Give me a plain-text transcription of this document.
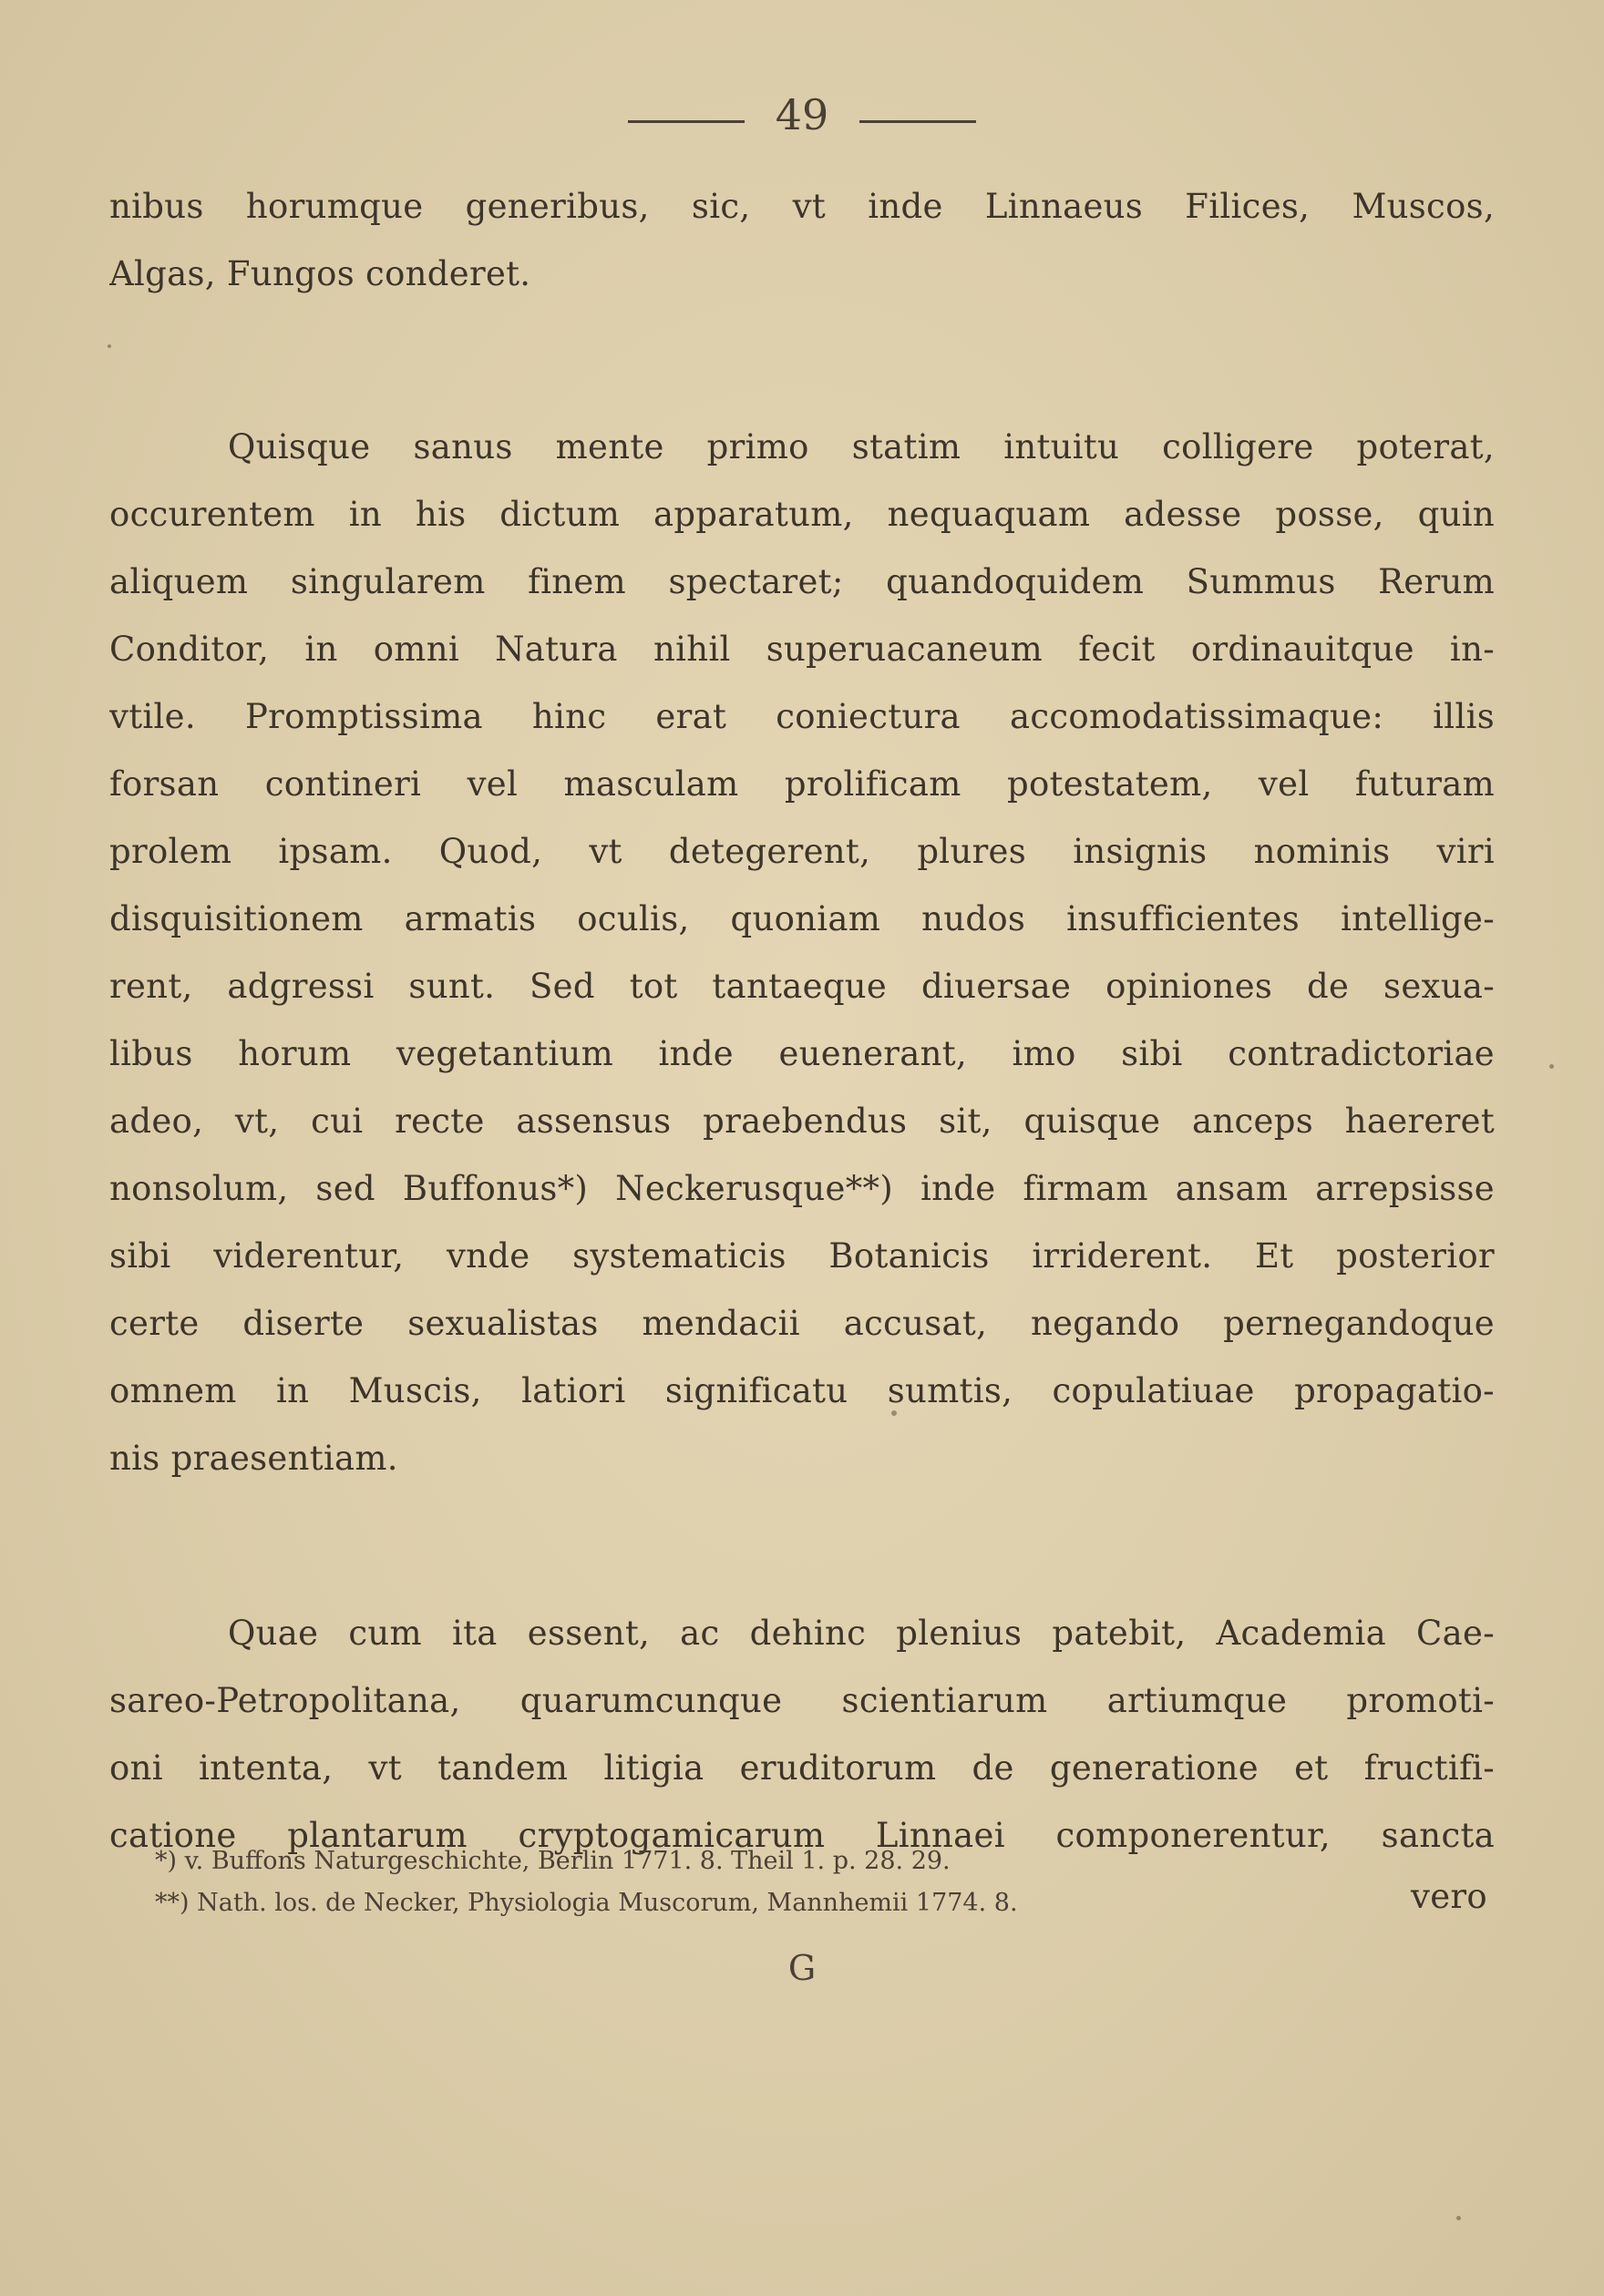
49
nibus horumque generibus, sic, vt inde Linnaeus Filices, Muscos,
Algas, Fungos conderet.
Quisque sanus mente primo statim intuitu colligere poterat,
occurentem in his dictum apparatum, nequaquam adesse posse, quin
aliquem singularem finem spectaret; quandoquidem Summus Rerum
Conditor, in omni Natura nihil superuacaneum fecit ordinauitque in-
vtile. Promptissima hinc erat coniectura accomodatissimaque: illis
forsan contineri vel masculam prolificam potestatem, vel futuram
prolem ipsam. Quod, vt detegerent, plures insignis nominis viri
disquisitionem armatis oculis, quoniam nudos insufficientes intellige-
rent, adgressi sunt. Sed tot tantaeque diuersae opiniones de sexua-
libus horum vegetantium inde euenerant, imo sibi contradictoriae
adeo, vt, cui recte assensus praebendus sit, quisque anceps haereret
nonsolum, sed Buffonus*) Neckerusque**) inde firmam ansam arrepsisse
sibi viderentur, vnde systematicis Botanicis irriderent. Et posterior
certe diserte sexualistas mendacii accusat, negando pernegandoque
omnem in Muscis, latiori significatu sumtis, copulatiuae propagatio-
nis praesentiam.
Quae cum ita essent, ac dehinc plenius patebit, Academia Cae-
sareo-Petropolitana, quarumcunque scientiarum artiumque promoti-
oni intenta, vt tandem litigia eruditorum de generatione et fructifi-
catione plantarum cryptogamicarum Linnaei componerentur, sancta
vero
*) v. Buffons Naturgeschichte, Berlin 1771. 8. Theil 1. p. 28. 29.
**) Nath. los. de Necker, Physiologia Muscorum, Mannhemii 1774. 8.
G
